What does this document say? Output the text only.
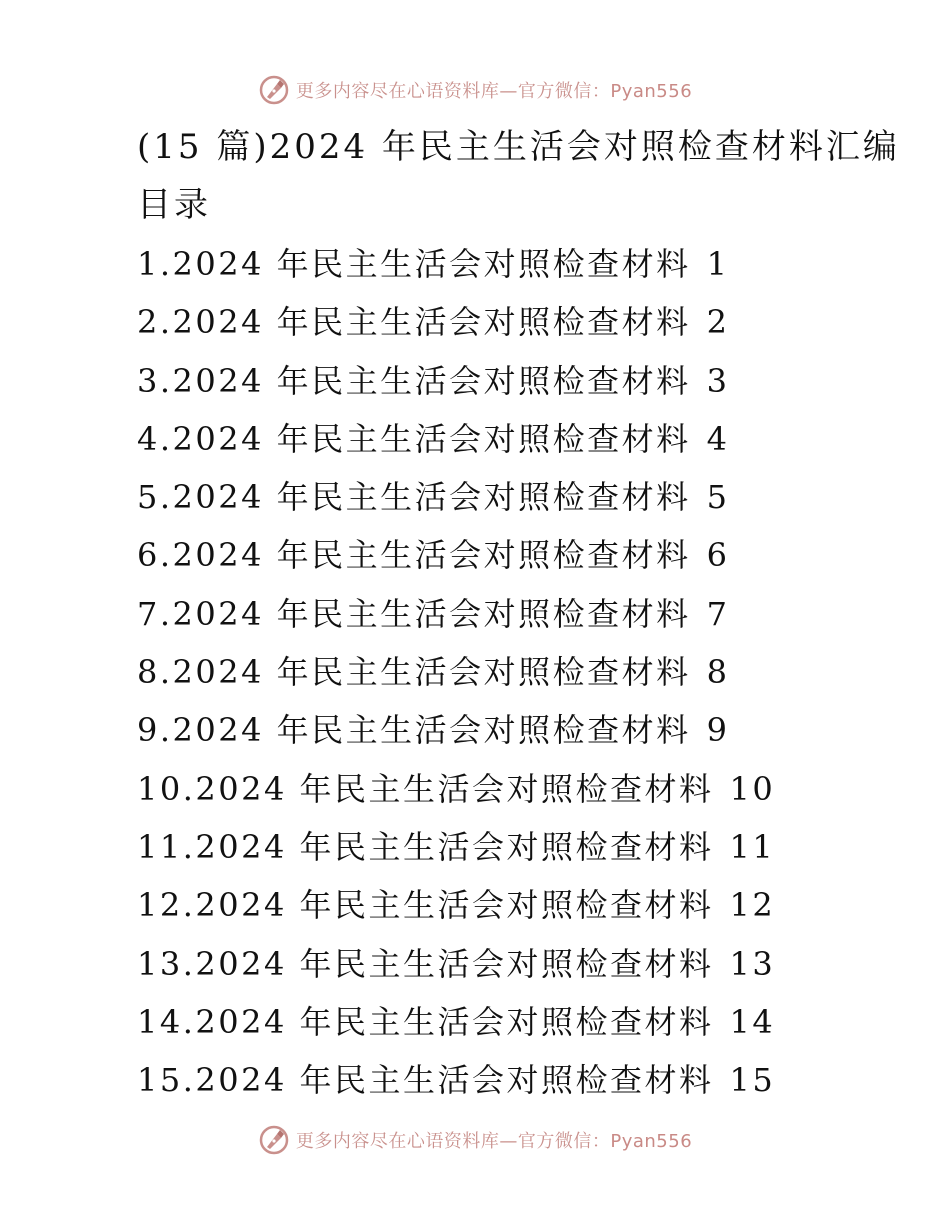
更多内容尽在心语资料库—官方微信：Pyan556
(15 篇)2024 年民主生活会对照检查材料汇编
目录
1.2024 年民主生活会对照检查材料 1
2.2024 年民主生活会对照检查材料 2
3.2024 年民主生活会对照检查材料 3
4.2024 年民主生活会对照检查材料 4
5.2024 年民主生活会对照检查材料 5
6.2024 年民主生活会对照检查材料 6
7.2024 年民主生活会对照检查材料 7
8.2024 年民主生活会对照检查材料 8
9.2024 年民主生活会对照检查材料 9
10.2024 年民主生活会对照检查材料 10
11.2024 年民主生活会对照检查材料 11
12.2024 年民主生活会对照检查材料 12
13.2024 年民主生活会对照检查材料 13
14.2024 年民主生活会对照检查材料 14
15.2024 年民主生活会对照检查材料 15
更多内容尽在心语资料库—官方微信：Pyan556
